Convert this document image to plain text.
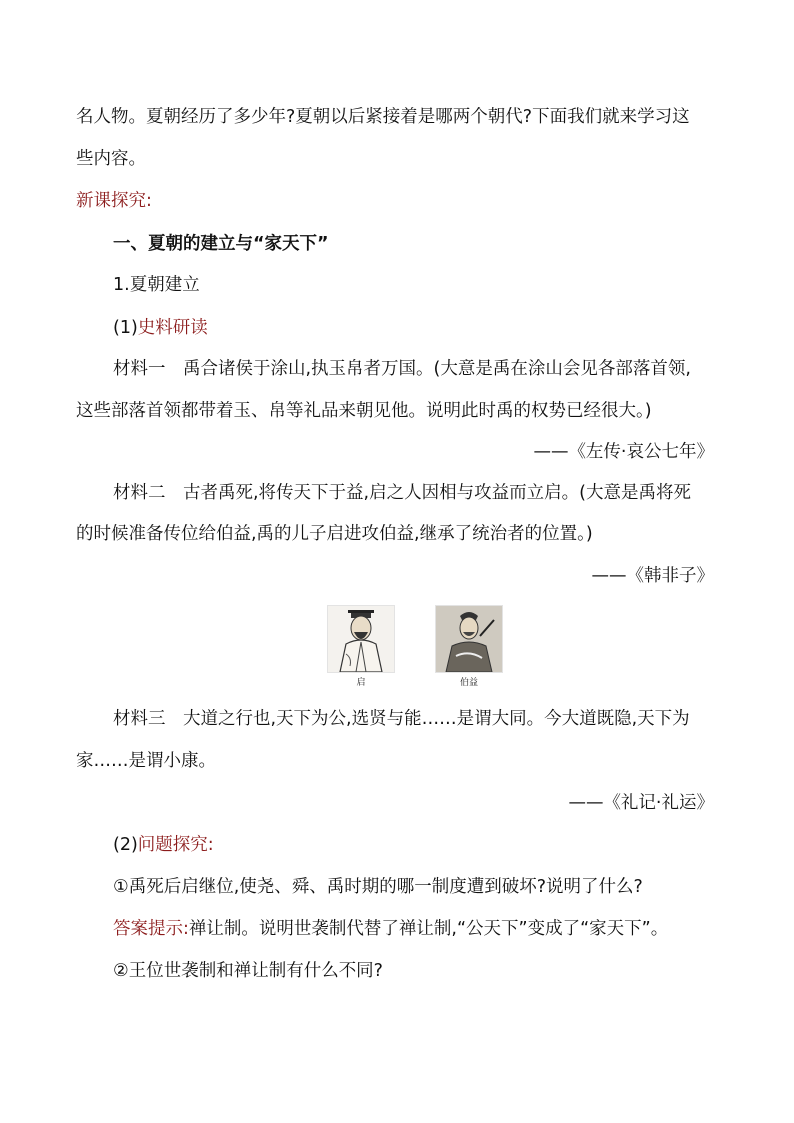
名人物。夏朝经历了多少年?夏朝以后紧接着是哪两个朝代?下面我们就来学习这
些内容。
新课探究:
一、夏朝的建立与“家天下”
1.夏朝建立
(1)史料研读
材料一　禹合诸侯于涂山,执玉帛者万国。(大意是禹在涂山会见各部落首领,
这些部落首领都带着玉、帛等礼品来朝见他。说明此时禹的权势已经很大。)
——《左传·哀公七年》
材料二　古者禹死,将传天下于益,启之人因相与攻益而立启。(大意是禹将死
的时候准备传位给伯益,禹的儿子启进攻伯益,继承了统治者的位置。)
——《韩非子》
启	伯益
材料三　大道之行也,天下为公,选贤与能……是谓大同。今大道既隐,天下为
家……是谓小康。
——《礼记·礼运》
(2)问题探究:
①禹死后启继位,使尧、舜、禹时期的哪一制度遭到破坏?说明了什么?
答案提示:禅让制。说明世袭制代替了禅让制,“公天下”变成了“家天下”。
②王位世袭制和禅让制有什么不同?
